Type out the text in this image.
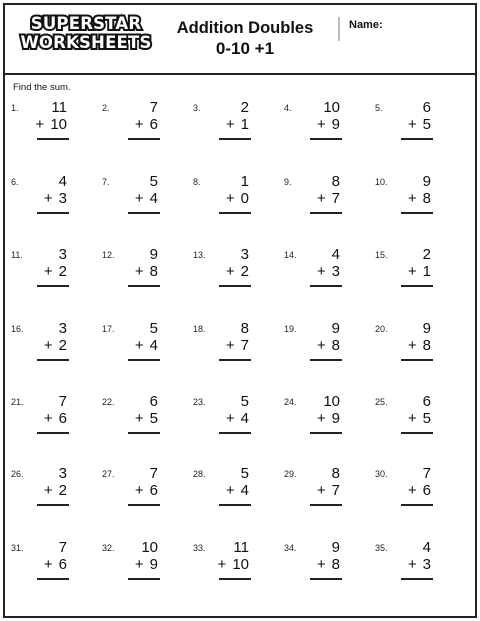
SUPERSTAR
WORKSHEETS
Addition Doubles
0-10 +1
Name:
Find the sum.
1. 11
+ 10
2.	7
+ 6
3.	2
+ 1
4. 10
+ 9
5.	6
+ 5
6.	4
+ 3
7.	5
+ 4
8.	1
+ 0
9.	8
+ 7
10. 9
+ 8
11. 3
+ 2
12. 9
+ 8
13. 3
+ 2
14. 4
+ 3
15. 2
+ 1
16. 3
+ 2
17. 5
+ 4
18. 8
+ 7
19. 9
+ 8
20. 9
+ 8
21. 7
+ 6
22. 6
+ 5
23. 5
+ 4
24. 10
+ 9
25. 6
+ 5
26. 3
+ 2
27. 7
+ 6
28. 5
+ 4
29. 8
+ 7
30. 7
+ 6
31. 7
+ 6
32. 10
+ 9
33. 11
+ 10
34. 9
+ 8
35. 4
+ 3
